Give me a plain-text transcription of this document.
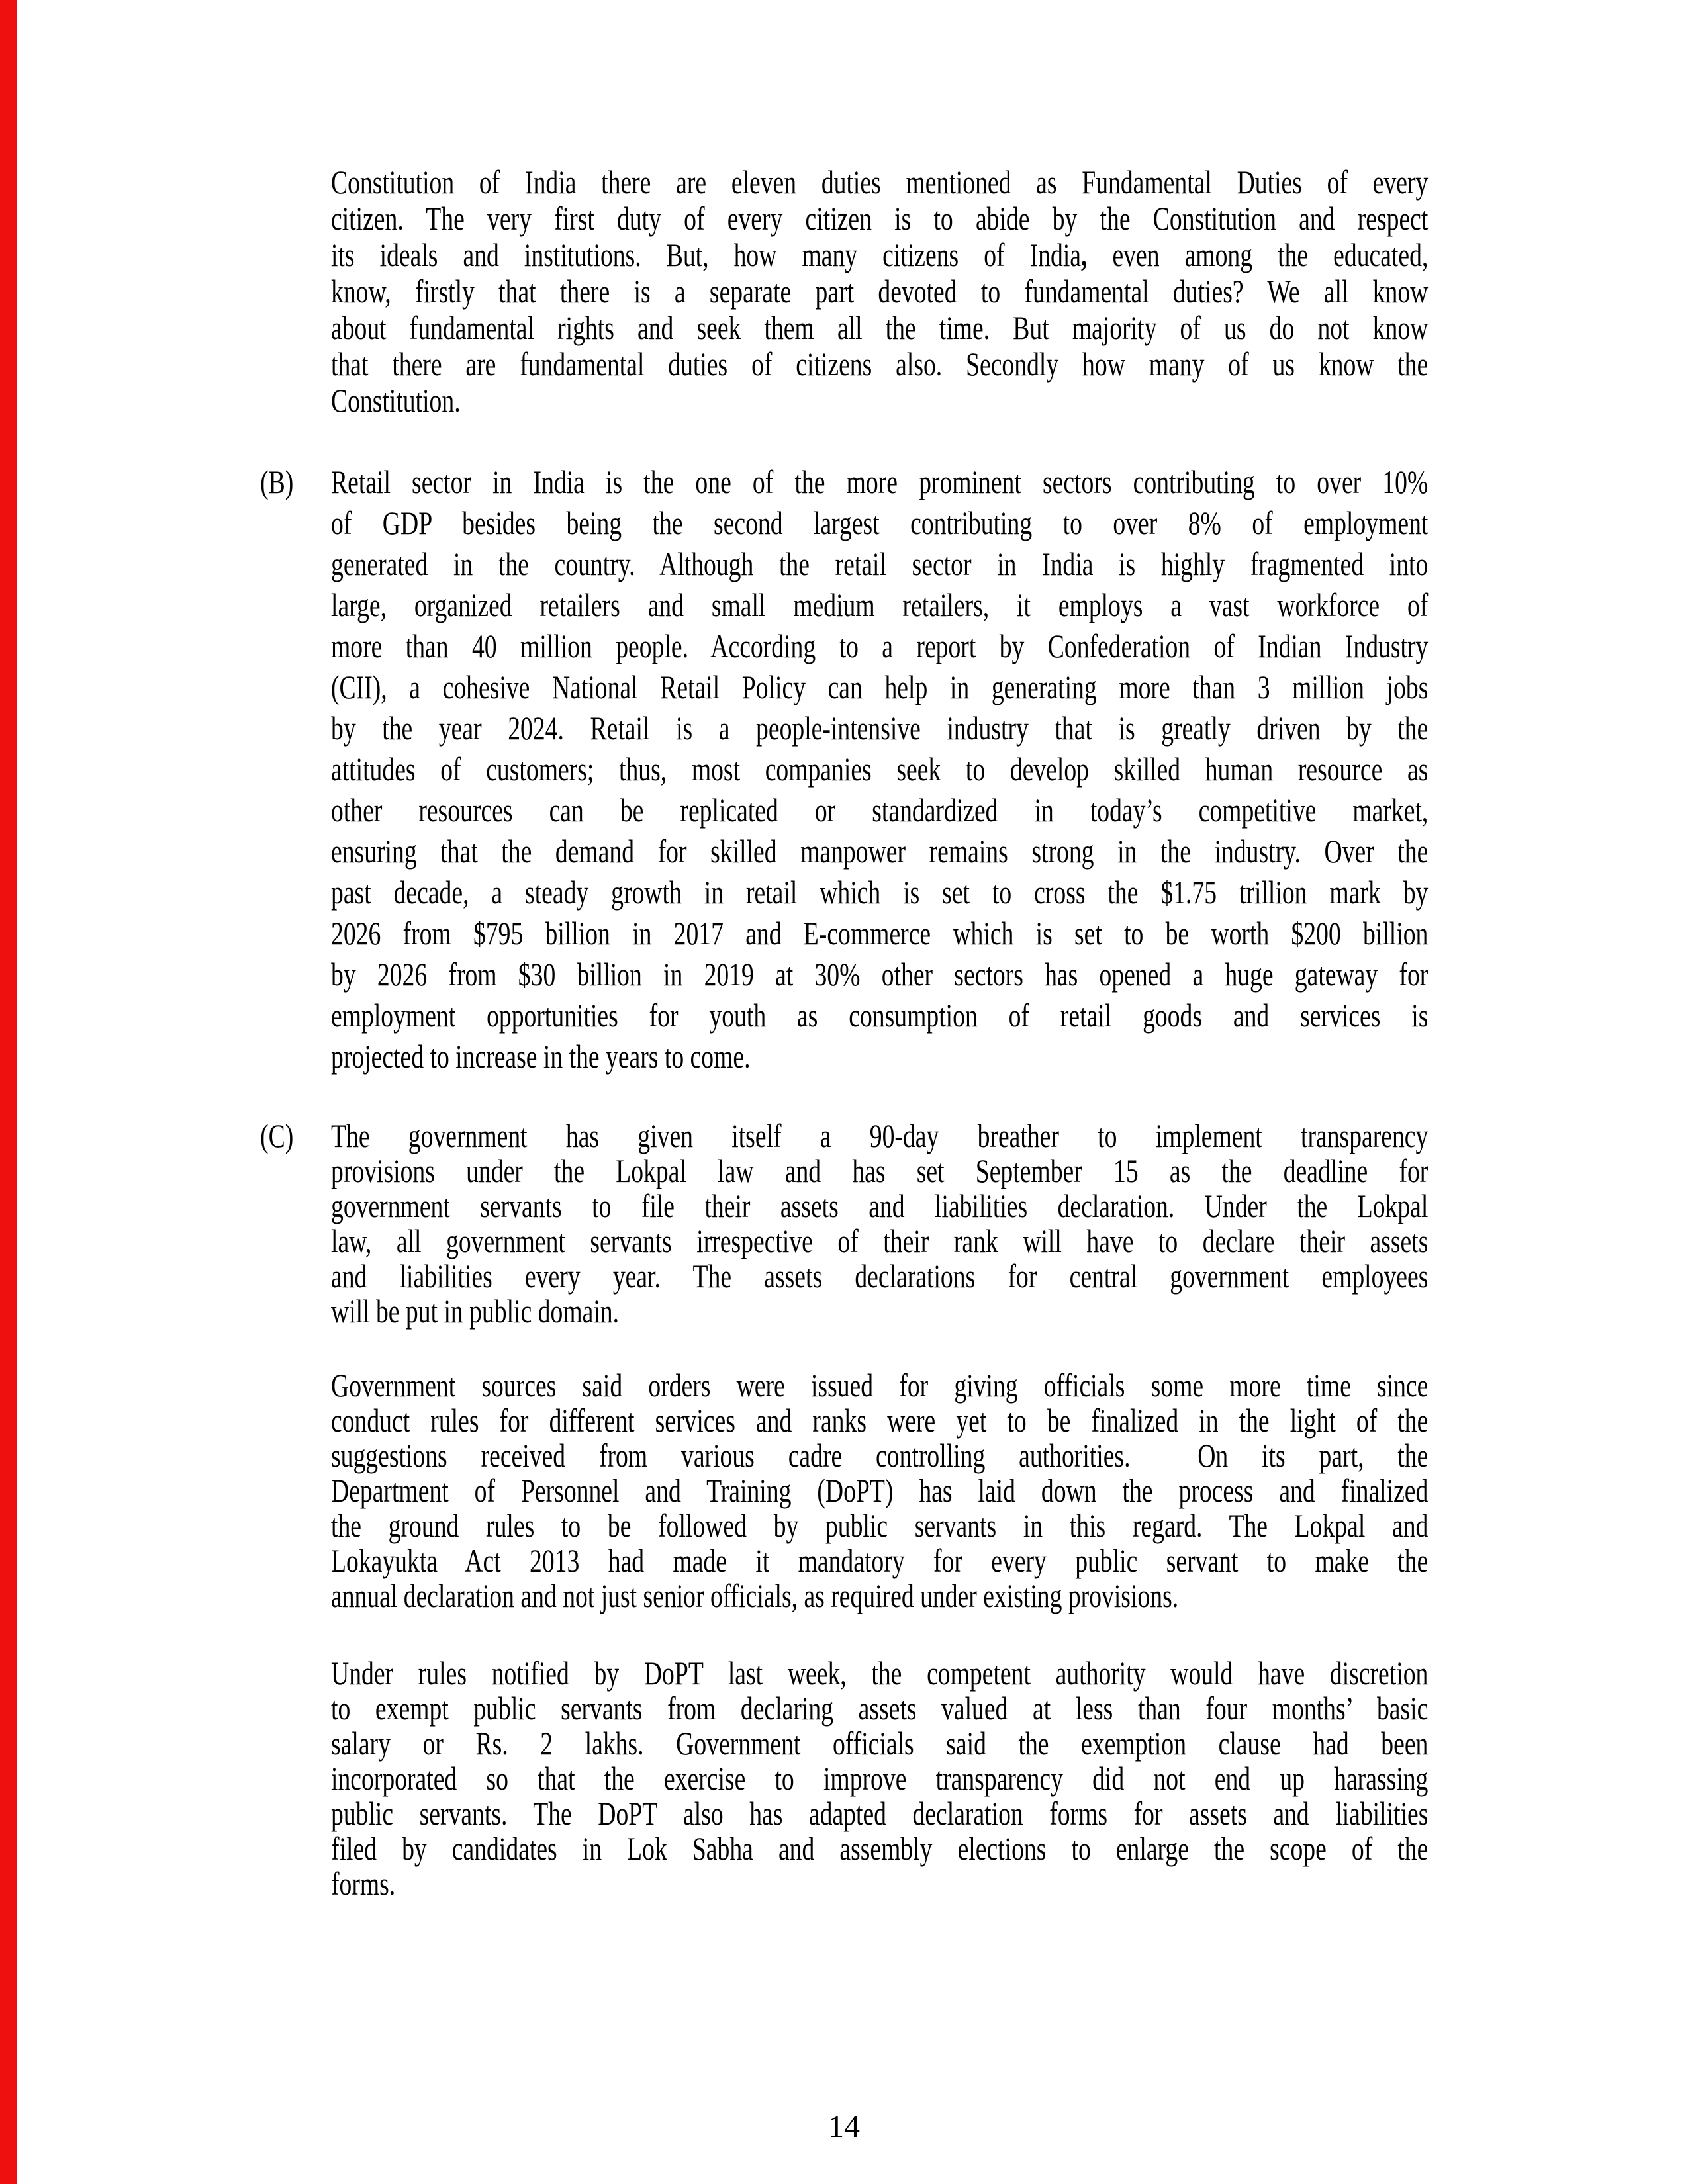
Constitution of India there are eleven duties mentioned as Fundamental Duties of every
citizen. The very first duty of every citizen is to abide by the Constitution and respect
its ideals and institutions. But, how many citizens of India, even among the educated,
know, firstly that there is a separate part devoted to fundamental duties? We all know
about fundamental rights and seek them all the time. But majority of us do not know
that there are fundamental duties of citizens also. Secondly how many of us know the
Constitution.
(B) Retail sector in India is the one of the more prominent sectors contributing to over 10%
of GDP besides being the second largest contributing to over 8% of employment
generated in the country. Although the retail sector in India is highly fragmented into
large, organized retailers and small medium retailers, it employs a vast workforce of
more than 40 million people. According to a report by Confederation of Indian Industry
(CII), a cohesive National Retail Policy can help in generating more than 3 million jobs
by the year 2024. Retail is a people-intensive industry that is greatly driven by the
attitudes of customers; thus, most companies seek to develop skilled human resource as
other resources can be replicated or standardized in today’s competitive market,
ensuring that the demand for skilled manpower remains strong in the industry. Over the
past decade, a steady growth in retail which is set to cross the $1.75 trillion mark by
2026 from $795 billion in 2017 and E-commerce which is set to be worth $200 billion
by 2026 from $30 billion in 2019 at 30% other sectors has opened a huge gateway for
employment opportunities for youth as consumption of retail goods and services is
projected to increase in the years to come.
(C) The government has given itself a 90-day breather to implement transparency
provisions under the Lokpal law and has set September 15 as the deadline for
government servants to file their assets and liabilities declaration. Under the Lokpal
law, all government servants irrespective of their rank will have to declare their assets
and liabilities every year. The assets declarations for central government employees
will be put in public domain.
Government sources said orders were issued for giving officials some more time since
conduct rules for different services and ranks were yet to be finalized in the light of the
suggestions received from various cadre controlling authorities.  On its part, the
Department of Personnel and Training (DoPT) has laid down the process and finalized
the ground rules to be followed by public servants in this regard. The Lokpal and
Lokayukta Act 2013 had made it mandatory for every public servant to make the
annual declaration and not just senior officials, as required under existing provisions.
Under rules notified by DoPT last week, the competent authority would have discretion
to exempt public servants from declaring assets valued at less than four months’ basic
salary or Rs. 2 lakhs. Government officials said the exemption clause had been
incorporated so that the exercise to improve transparency did not end up harassing
public servants. The DoPT also has adapted declaration forms for assets and liabilities
filed by candidates in Lok Sabha and assembly elections to enlarge the scope of the
forms.
14
